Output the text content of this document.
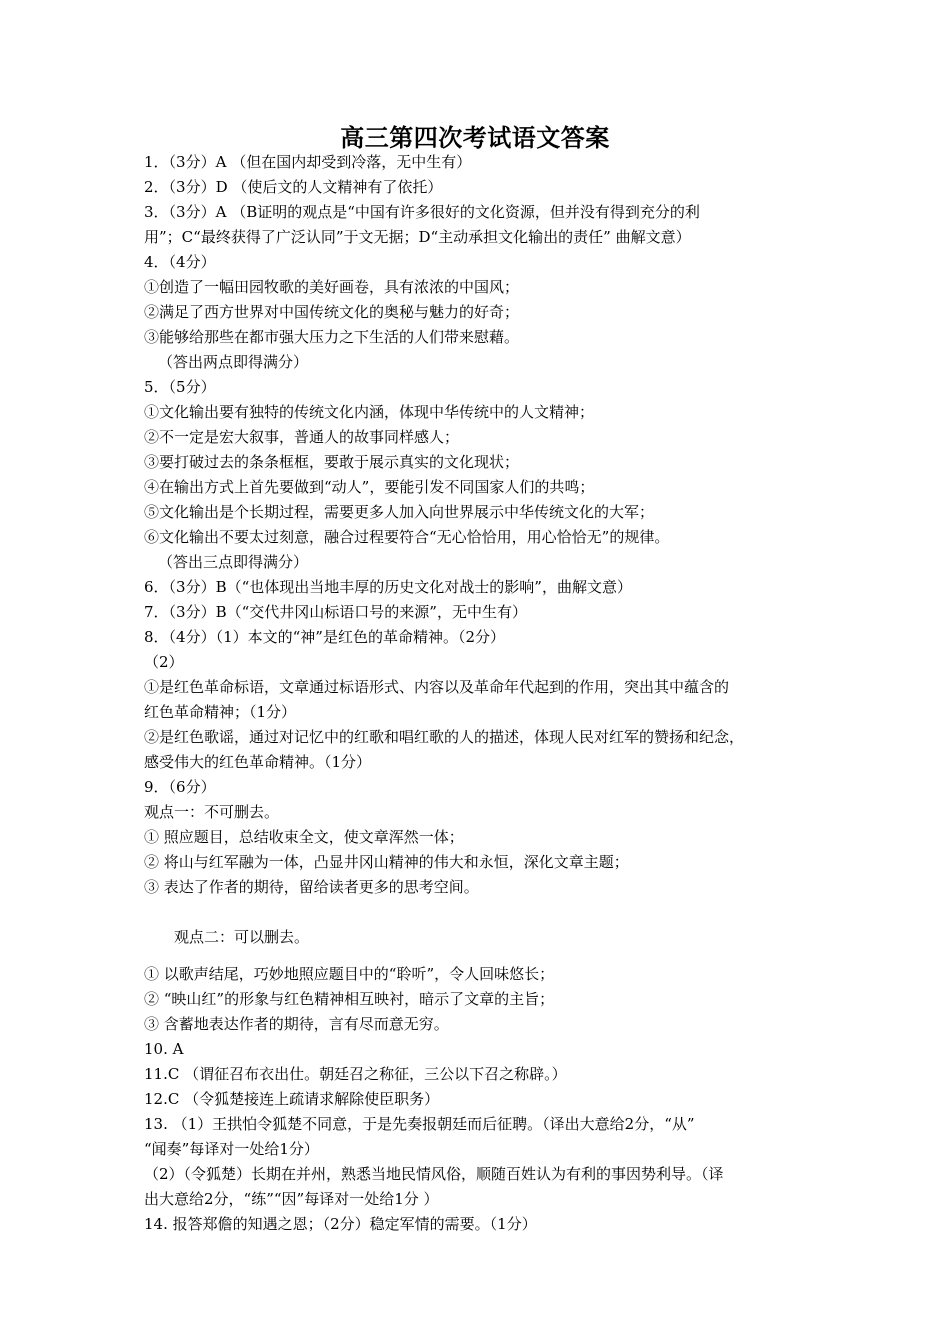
高三第四次考试语文答案
1．（3分）A （但在国内却受到冷落，无中生有）
2．（3分）D （使后文的人文精神有了依托）
3．（3分）A （B证明的观点是“中国有许多很好的文化资源，但并没有得到充分的利
用”；C“最终获得了广泛认同”于文无据；D“主动承担文化输出的责任” 曲解文意）
4．（4分）
①创造了一幅田园牧歌的美好画卷，具有浓浓的中国风；
②满足了西方世界对中国传统文化的奥秘与魅力的好奇；
③能够给那些在都市强大压力之下生活的人们带来慰藉。
（答出两点即得满分）
5．（5分）
①文化输出要有独特的传统文化内涵，体现中华传统中的人文精神；
②不一定是宏大叙事，普通人的故事同样感人；
③要打破过去的条条框框，要敢于展示真实的文化现状；
④在输出方式上首先要做到“动人”，要能引发不同国家人们的共鸣；
⑤文化输出是个长期过程，需要更多人加入向世界展示中华传统文化的大军；
⑥文化输出不要太过刻意，融合过程要符合“无心恰恰用，用心恰恰无”的规律。
（答出三点即得满分）
6．（3分）B（“也体现出当地丰厚的历史文化对战士的影响”，曲解文意）
7．（3分）B（“交代井冈山标语口号的来源”，无中生有）
8．（4分）（1）本文的“神”是红色的革命精神。（2分）
（2）
①是红色革命标语，文章通过标语形式、内容以及革命年代起到的作用，突出其中蕴含的
红色革命精神；（1分）
②是红色歌谣，通过对记忆中的红歌和唱红歌的人的描述，体现人民对红军的赞扬和纪念，
感受伟大的红色革命精神。（1分）
9．（6分）
观点一：不可删去。
① 照应题目，总结收束全文，使文章浑然一体；
② 将山与红军融为一体，凸显井冈山精神的伟大和永恒，深化文章主题；
③ 表达了作者的期待，留给读者更多的思考空间。
观点二：可以删去。
① 以歌声结尾，巧妙地照应题目中的“聆听”，令人回味悠长；
② “映山红”的形象与红色精神相互映衬，暗示了文章的主旨；
③ 含蓄地表达作者的期待，言有尽而意无穷。
10. A
11.C （谓征召布衣出仕。朝廷召之称征，三公以下召之称辟。）
12.C （令狐楚接连上疏请求解除使臣职务）
13. （1）王拱怕令狐楚不同意，于是先奏报朝廷而后征聘。（译出大意给2分，“从”
“闻奏”每译对一处给1分）
（2）（令狐楚）长期在并州，熟悉当地民情风俗，顺随百姓认为有利的事因势利导。（译
出大意给2分，“练”“因”每译对一处给1分 ）
14. 报答郑儋的知遇之恩；（2分）稳定军情的需要。（1分）
